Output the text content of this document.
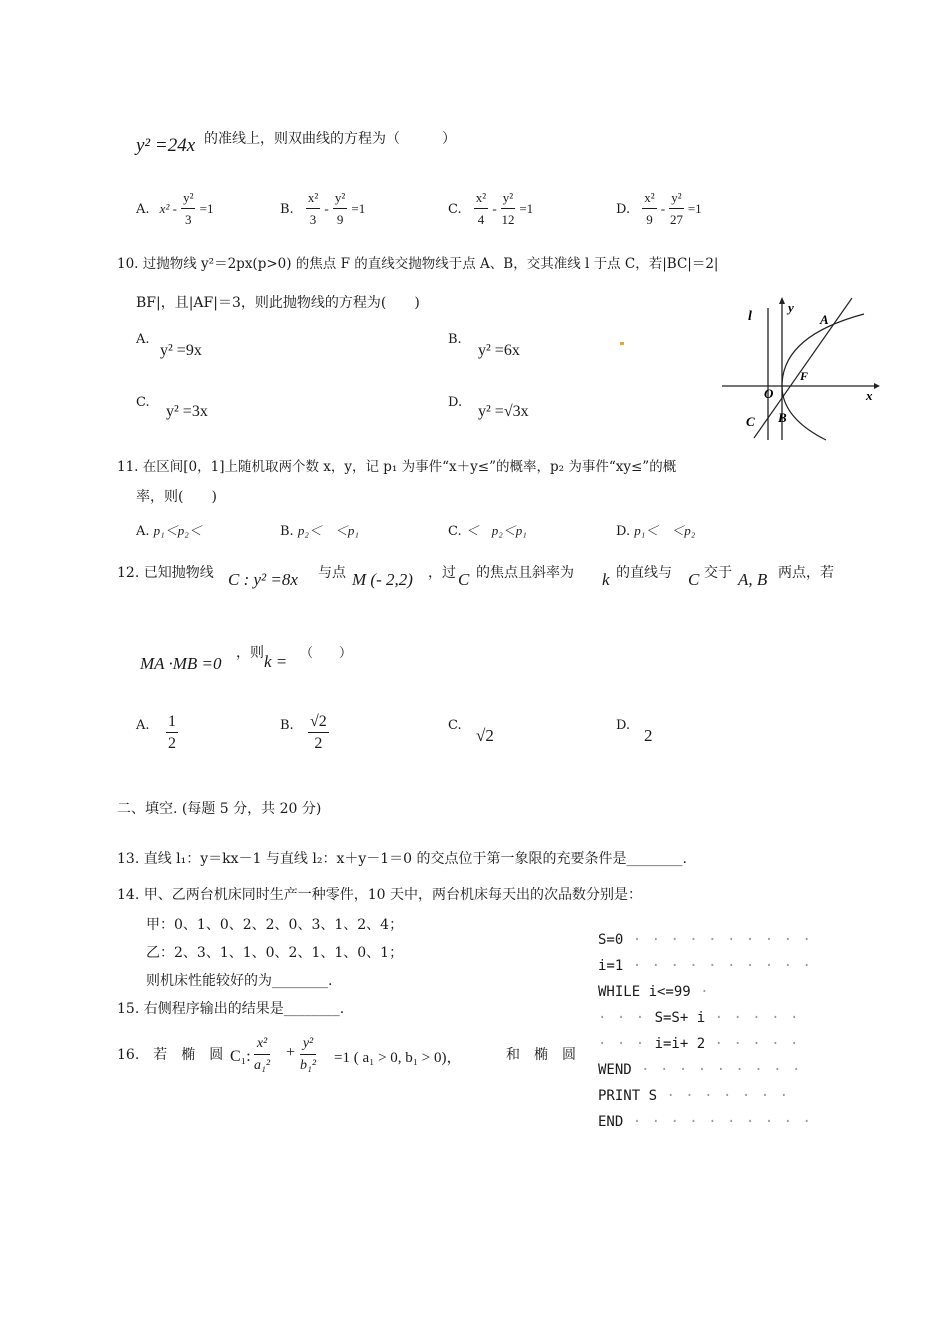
y² =24x 的准线上，则双曲线的方程为（　　　）
A. $x^2 - \frac{\text{y²}}{3} =1$	B. $\frac{\text{x²}}{3} - \frac{\text{y²}}{9} =1$	C. $\frac{\text{x²}}{4} - \frac{\text{y²}}{12} =1$	D. $\frac{\text{x²}}{9} - \frac{\text{y²}}{27} =1$
10. 过抛物线 y²＝2px(p>0) 的焦点 F 的直线交抛物线于点 A、B，交其准线 l 于点 C，若|BC|＝2|
BF|，且|AF|＝3，则此抛物线的方程为(　　)
A.
y² =9x
B.
y² =6x
C.
y² =3x
D.
y² =√3x
l
y
x
A
F
O
B
C
11. 在区间[0，1]上随机取两个数 x，y，记 p₁ 为事件“x＋y≤”的概率，p₂ 为事件“xy≤”的概
率，则(　　)
A. p₁＜p₂＜	B. p₂＜　＜p₁	C. ＜　p₂＜p₁	D. p₁＜　＜p₂
12. 已知抛物线 C : y² =8x 与点 M (- 2,2) ，过 C 的焦点且斜率为 k 的直线与 C 交于 A, B 两点，若
MA ·MB =0
，则 k = （　　）
A. $\frac{1}{2}$	B. $\frac{√2}{2}$	C.
√2
D.
2
二、填空. (每题 5 分，共 20 分)
13. 直线 l₁：y＝kx－1 与直线 l₂：x＋y－1＝0 的交点位于第一象限的充要条件是________.
14. 甲、乙两台机床同时生产一种零件，10 天中，两台机床每天出的次品数分别是：
甲：0、1、0、2、2、0、3、1、2、4；
乙：2、3、1、1、0、2、1、1、0、1；
则机床性能较好的为________.
15. 右侧程序输出的结果是________.
16.　若　椭　圆 C₁: $\frac{\text{x²}}{\text{a₁²}} + \frac{\text{y²}}{\text{b₁²}} =1$ ( a₁ > 0, b₁ > 0)，	和　椭　圆
S=0 · · · · · · · · · ·
i=1 · · · · · · · · · ·
WHILE i<=99 ·
· · · S=S+ i · · · · ·
· · · i=i+ 2 · · · · ·
WEND · · · · · · · · ·
PRINT S · · · · · · ·
END · · · · · · · · · ·
